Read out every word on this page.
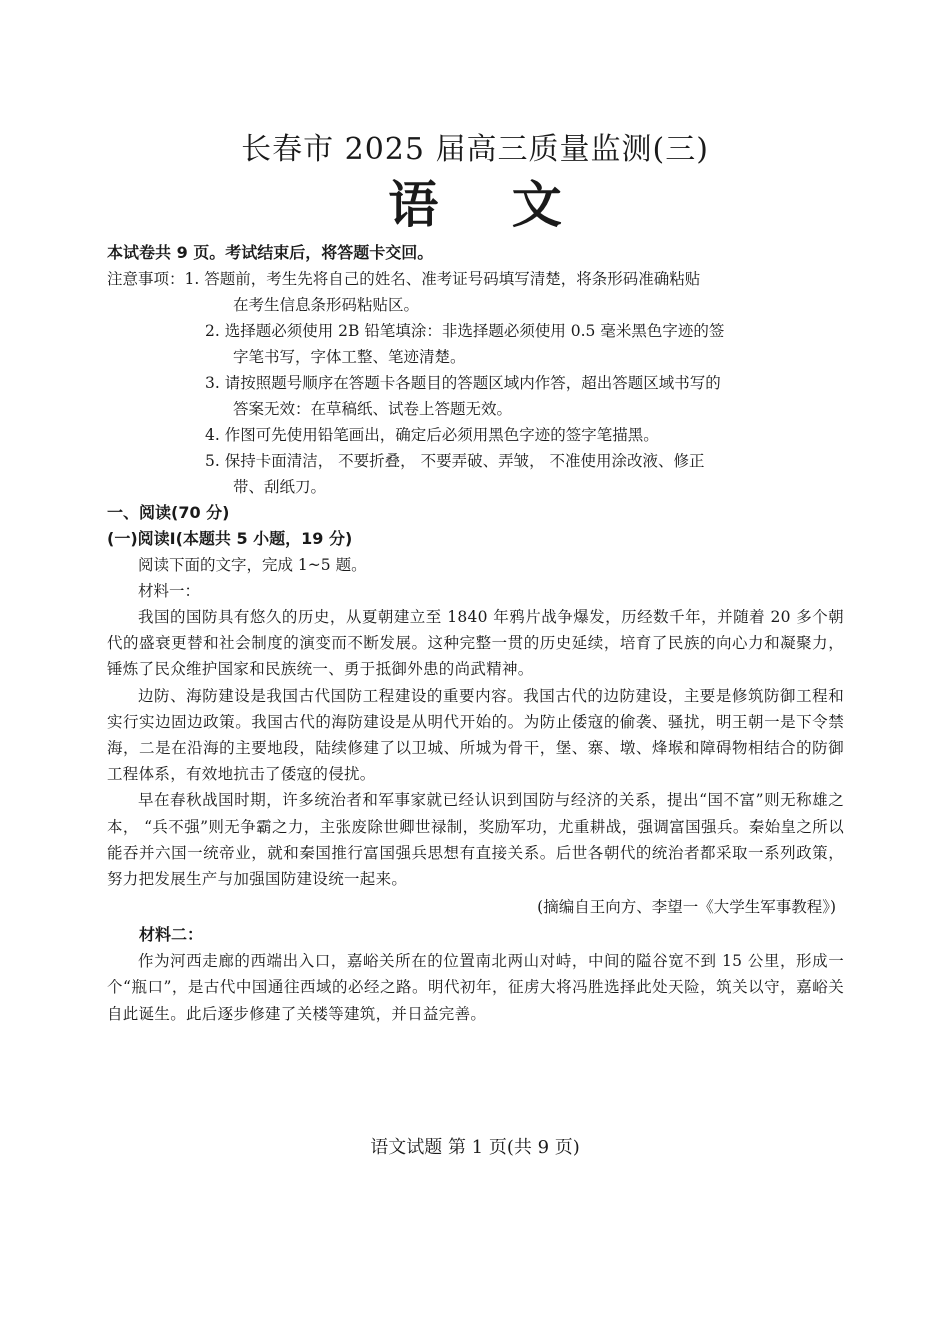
长春市 2025 届高三质量监测(三)
语 文

本试卷共 9 页。考试结束后，将答题卡交回。

注意事项： 1. 答题前，考生先将自己的姓名、准考证号码填写清楚，将条形码准确粘贴
在考生信息条形码粘贴区。
2. 选择题必须使用 2B 铅笔填涂：非选择题必须使用 0.5 毫米黑色字迹的签
字笔书写，字体工整、笔迹清楚。
3. 请按照题号顺序在答题卡各题目的答题区域内作答，超出答题区域书写的
答案无效：在草稿纸、试卷上答题无效。
4. 作图可先使用铅笔画出，确定后必须用黑色字迹的签字笔描黑。
5. 保持卡面清洁， 不要折叠， 不要弄破、弄皱， 不准使用涂改液、修正
带、刮纸刀。

一、阅读(70 分)

(一)阅读Ⅰ(本题共 5 小题，19 分)

阅读下面的文字，完成 1~5 题。

材料一：

我国的国防具有悠久的历史，从夏朝建立至 1840 年鸦片战争爆发，历经数千年，并随着 20 多个朝代的盛衰更替和社会制度的演变而不断发展。这种完整一贯的历史延续，培育了民族的向心力和凝聚力，锤炼了民众维护国家和民族统一、勇于抵御外患的尚武精神。

边防、海防建设是我国古代国防工程建设的重要内容。我国古代的边防建设，主要是修筑防御工程和实行实边固边政策。我国古代的海防建设是从明代开始的。为防止倭寇的偷袭、骚扰，明王朝一是下令禁海，二是在沿海的主要地段，陆续修建了以卫城、所城为骨干，堡、寨、墩、烽堠和障碍物相结合的防御工程体系，有效地抗击了倭寇的侵扰。

早在春秋战国时期，许多统治者和军事家就已经认识到国防与经济的关系，提出“国不富”则无称雄之本， “兵不强”则无争霸之力，主张废除世卿世禄制，奖励军功，尤重耕战，强调富国强兵。秦始皇之所以能吞并六国一统帝业，就和秦国推行富国强兵思想有直接关系。后世各朝代的统治者都采取一系列政策，努力把发展生产与加强国防建设统一起来。

(摘编自王向方、李望一《大学生军事教程》)

材料二：

作为河西走廊的西端出入口，嘉峪关所在的位置南北两山对峙，中间的隘谷宽不到 15 公里，形成一个“瓶口”，是古代中国通往西域的必经之路。明代初年，征虏大将冯胜选择此处天险，筑关以守，嘉峪关自此诞生。此后逐步修建了关楼等建筑，并日益完善。

语文试题 第 1 页(共 9 页)
